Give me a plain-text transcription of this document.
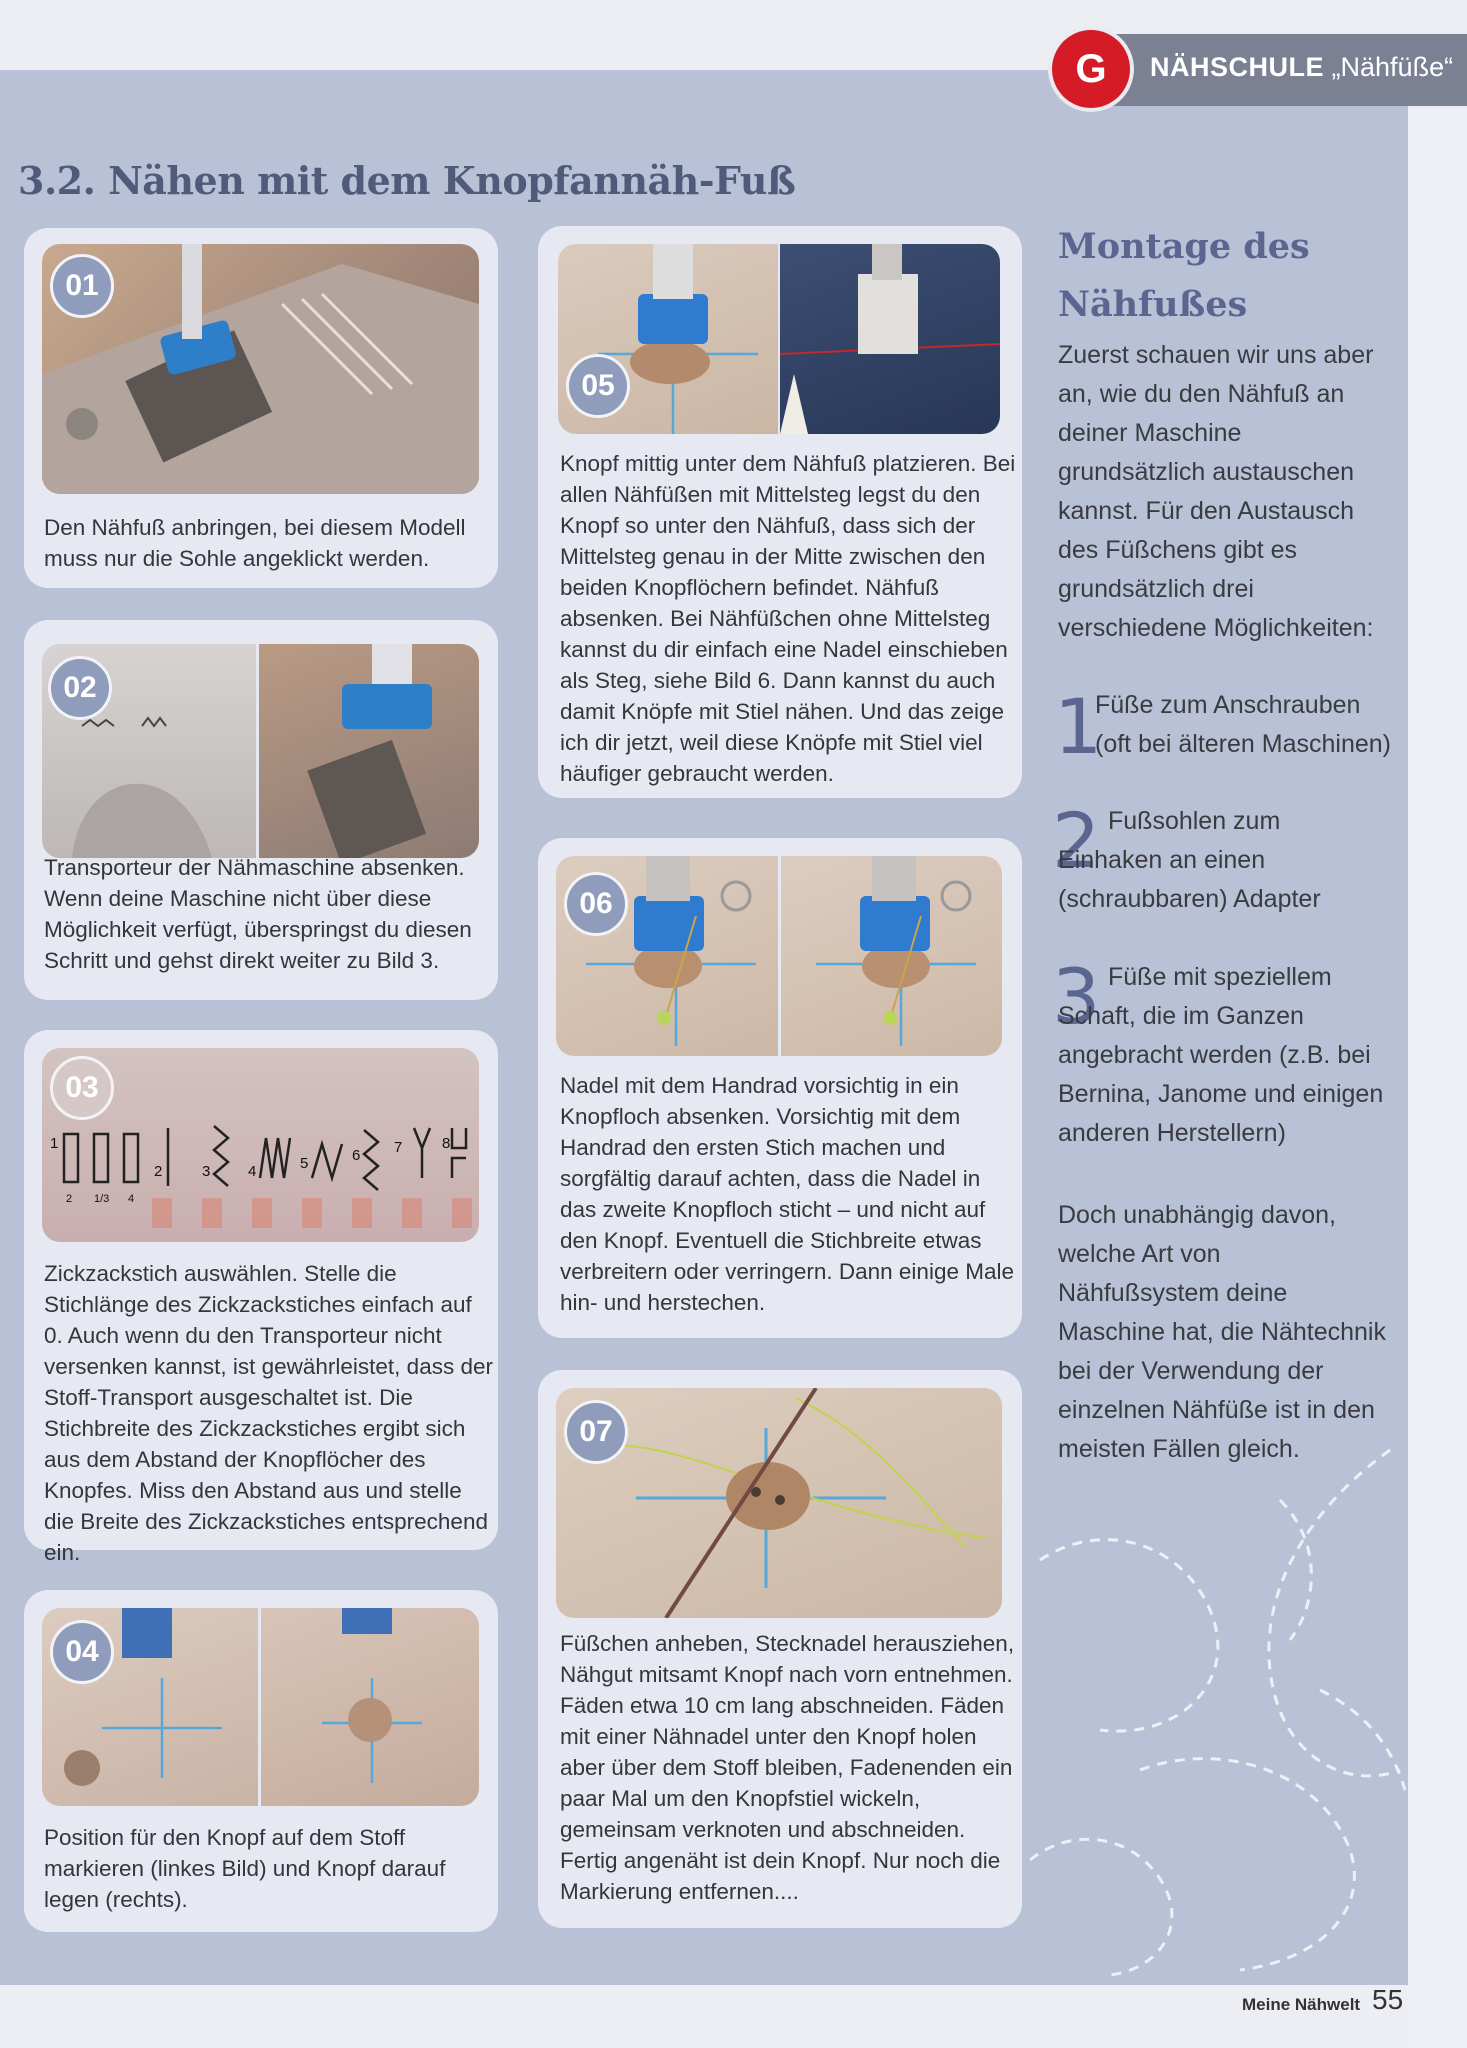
G	NÄHSCHULE „Nähfüße“
3.2. Nähen mit dem Knopfannäh-Fuß
01

Den Nähfuß anbringen, bei diesem Modell muss nur die Sohle angeklickt werden.

02

Transporteur der Nähmaschine absenken. Wenn deine Maschine nicht über diese Möglichkeit verfügt, überspringst du diesen Schritt und gehst direkt weiter zu Bild 3.

1
2	3	4	5	6 7	8
2 1/3 4
03

Zickzackstich auswählen. Stelle die Stichlänge des Zickzackstiches einfach auf 0. Auch wenn du den Transporteur nicht versenken kannst, ist gewährleistet, dass der Stoff-Transport ausgeschaltet ist. Die Stichbreite des Zickzackstiches ergibt sich aus dem Abstand der Knopflöcher des Knopfes. Miss den Abstand aus und stelle die Breite des Zickzackstiches entsprechend ein.

04

Position für den Knopf auf dem Stoff markieren (linkes Bild) und Knopf darauf legen (rechts).

05

Knopf mittig unter dem Nähfuß platzieren. Bei allen Nähfüßen mit Mittelsteg legst du den Knopf so unter den Nähfuß, dass sich der Mittelsteg genau in der Mitte zwischen den beiden Knopflöchern befindet. Nähfuß absenken. Bei Nähfüßchen ohne Mittelsteg kannst du dir einfach eine Nadel einschieben als Steg, siehe Bild 6. Dann kannst du auch damit Knöpfe mit Stiel nähen. Und das zeige ich dir jetzt, weil diese Knöpfe mit Stiel viel häufiger gebraucht werden.

06

Nadel mit dem Handrad vorsichtig in ein Knopfloch absenken. Vorsichtig mit dem Handrad den ersten Stich machen und sorgfältig darauf achten, dass die Nadel in das zweite Knopfloch sticht – und nicht auf den Knopf. Eventuell die Stichbreite etwas verbreitern oder verringern. Dann einige Male hin- und herstechen.

07

Füßchen anheben, Stecknadel herausziehen, Nähgut mitsamt Knopf nach vorn entnehmen. Fäden etwa 10 cm lang abschneiden. Fäden mit einer Nähnadel unter den Knopf holen aber über dem Stoff bleiben, Fadenenden ein paar Mal um den Knopfstiel wickeln, gemeinsam verknoten und abschneiden. Fertig angenäht ist dein Knopf. Nur noch die Markierung entfernen....

Montage des Nähfußes

Zuerst schauen wir uns aber an, wie du den Nähfuß an deiner Maschine grundsätzlich austauschen kannst. Für den Austausch des Füßchens gibt es grundsätzlich drei verschiedene Möglichkeiten:

1

Füße zum Anschrauben (oft bei älteren Maschinen)

2 Fußsohlen zum Einhaken an einen (schraubbaren) Adapter

3 Füße mit speziellem Schaft, die im Ganzen angebracht werden (z.B. bei Bernina, Janome und einigen anderen Herstellern)

Doch unabhängig davon, welche Art von Nähfußsystem deine Maschine hat, die Nähtechnik bei der Verwendung der einzelnen Nähfüße ist in den meisten Fällen gleich.

Meine Nähwelt 55
